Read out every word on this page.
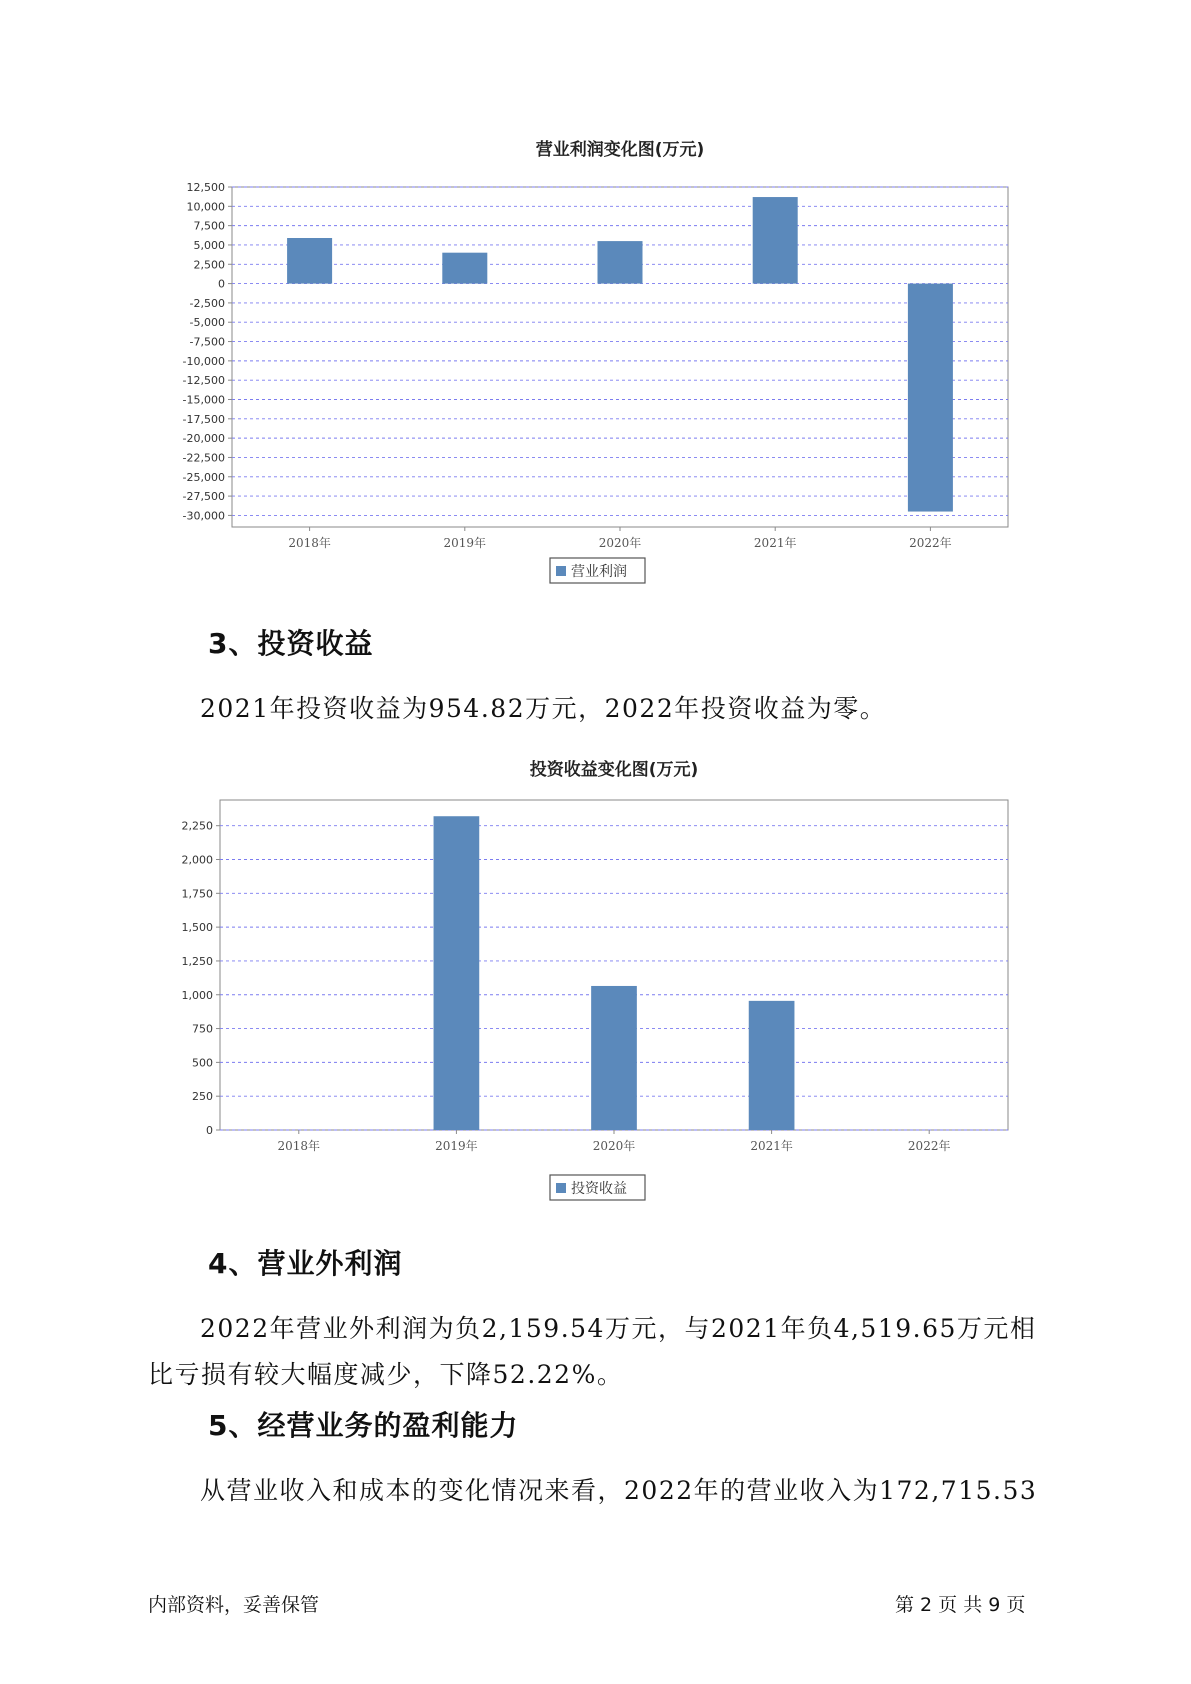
营业利润变化图(万元)
12,500
10,000
7,500
5,000
2,500
0
-2,500
-5,000
-7,500
-10,000
-12,500
-15,000
-17,500
-20,000
-22,500
-25,000
-27,500
-30,000
2018年	2019年	2020年	2021年	2022年
营业利润
3、投资收益

2021年投资收益为954.82万元，2022年投资收益为零。

投资收益变化图(万元)
2,250
2,000
1,750
1,500
1,250
1,000
750
500
250
0
2018年	2019年	2020年	2021年	2022年
投资收益
4、营业外利润

2022年营业外利润为负2,159.54万元，与2021年负4,519.65万元相比亏损有较大幅度减少，下降52.22%。

5、经营业务的盈利能力

从营业收入和成本的变化情况来看，2022年的营业收入为172,715.53

内部资料，妥善保管	第 2 页 共 9 页
